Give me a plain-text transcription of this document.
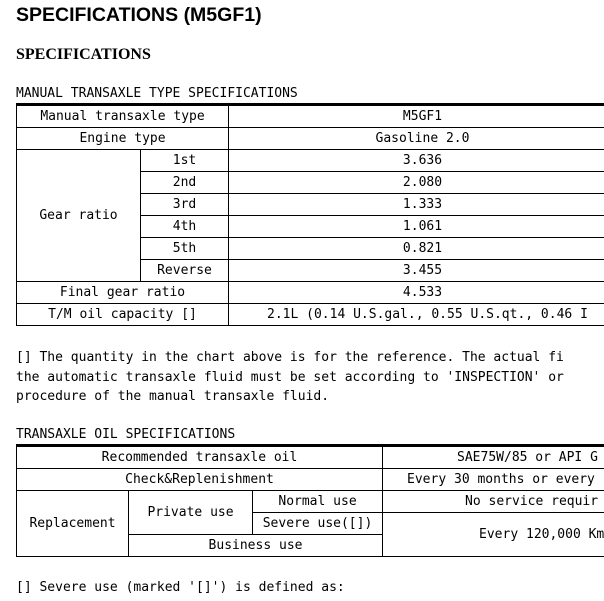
SPECIFICATIONS (M5GF1)
SPECIFICATIONS
MANUAL TRANSAXLE TYPE SPECIFICATIONS
Manual transaxle type		M5GF1
Engine type		Gasoline 2.0
Gear ratio	1st	3.636
	2nd	2.080
	3rd	1.333
	4th	1.061
	5th	0.821
	Reverse	3.455
Final gear ratio		4.533
T/M oil capacity []		2.1L (0.14 U.S.gal., 0.55 U.S.qt., 0.46 I
[] The quantity in the chart above is for the reference. The actual fi
the automatic transaxle fluid must be set according to 'INSPECTION' or
procedure of the manual transaxle fluid.
TRANSAXLE OIL SPECIFICATIONS
Recommended transaxle oil			SAE75W/85 or API G
Check&Replenishment			Every 30 months or every
Replacement	Private use	Normal use	No service requir
		Severe use([])	Every 120,000 Km
	Business use		
[] Severe use (marked '[]') is defined as:
